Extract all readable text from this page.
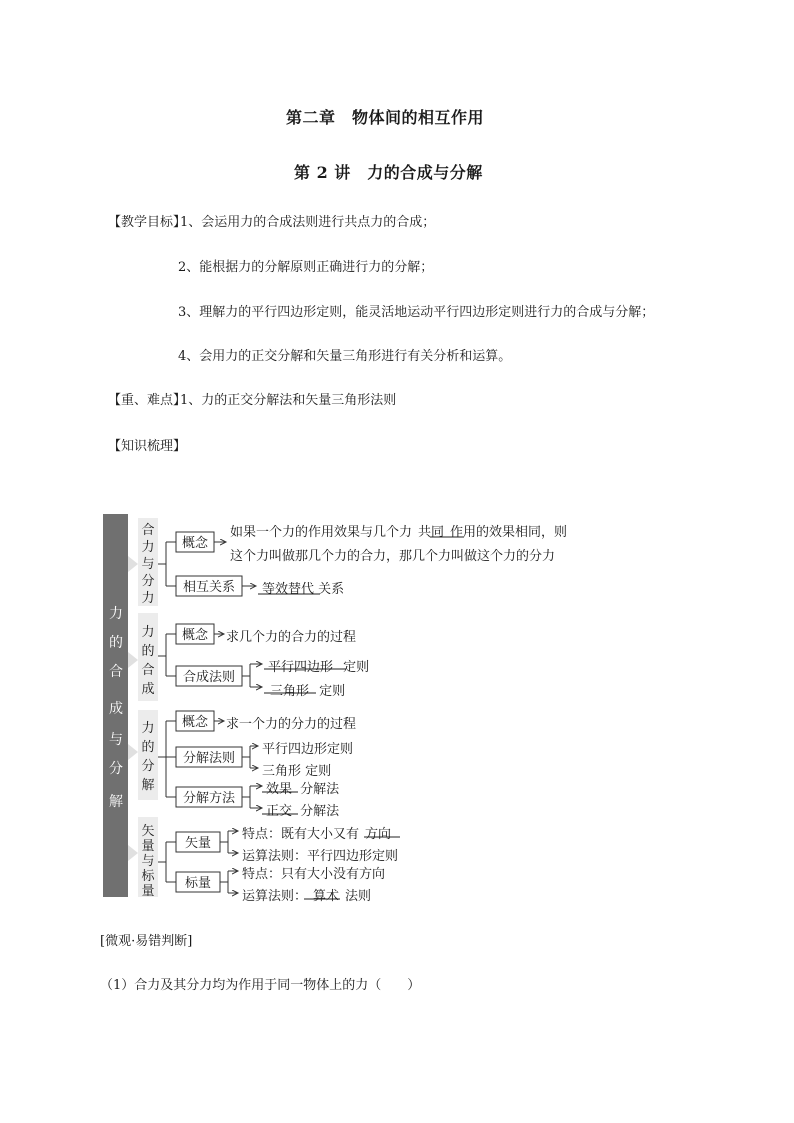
第二章　物体间的相互作用
第 2 讲　力的合成与分解
【教学目标】
1、会运用力的合成法则进行共点力的合成；
2、能根据力的分解原则正确进行力的分解；
3、理解力的平行四边形定则，能灵活地运动平行四边形定则进行力的合成与分解；
4、会用力的正交分解和矢量三角形进行有关分析和运算。
【重、难点】
1、力的正交分解法和矢量三角形法则
【知识梳理】
力
的
合
成
与
分
解
合
力
与
分
力
力
的
合
成
力
的
分
解
矢
量
与
标
量
概念
相互关系
概念
合成法则
概念
分解法则
分解方法
矢量
标量
如果一个力的作用效果与几个力 共同 作用的效果相同，则
这个力叫做那几个力的合力，那几个力叫做这个力的分力
等效替代 关系
求几个力的合力的过程
平行四边形 定则
三角形 定则
求一个力的分力的过程
平行四边形定则
三角形 定则
效果 分解法
正交 分解法
特点：既有大小又有 方向
运算法则：平行四边形定则
特点：只有大小没有方向
运算法则： 算术 法则
[微观·易错判断]
（1）合力及其分力均为作用于同一物体上的力（　　）
